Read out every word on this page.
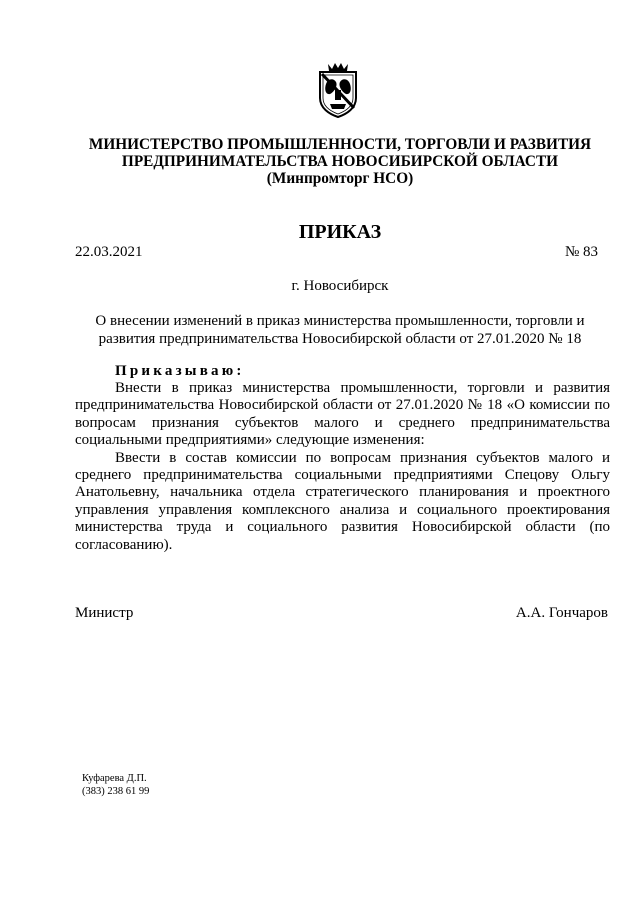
МИНИСТЕРСТВО ПРОМЫШЛЕННОСТИ, ТОРГОВЛИ И РАЗВИТИЯ
ПРЕДПРИНИМАТЕЛЬСТВА НОВОСИБИРСКОЙ ОБЛАСТИ
(Минпромторг НСО)
ПРИКАЗ
22.03.2021	№ 83
г. Новосибирск
О внесении изменений в приказ министерства промышленности, торговли и
развития предпринимательства Новосибирской области от 27.01.2020 № 18
Приказываю:

Внести в приказ министерства промышленности, торговли и развития предпринимательства Новосибирской области от 27.01.2020 № 18 «О комиссии по вопросам признания субъектов малого и среднего предпринимательства социальными предприятиями» следующие изменения:

Ввести в состав комиссии по вопросам признания субъектов малого и среднего предпринимательства социальными предприятиями Спецову Ольгу Анатольевну, начальника отдела стратегического планирования и проектного управления управления комплексного анализа и социального проектирования министерства труда и социального развития Новосибирской области (по согласованию).

Министр	А.А. Гончаров
Куфарева Д.П.
(383) 238 61 99
